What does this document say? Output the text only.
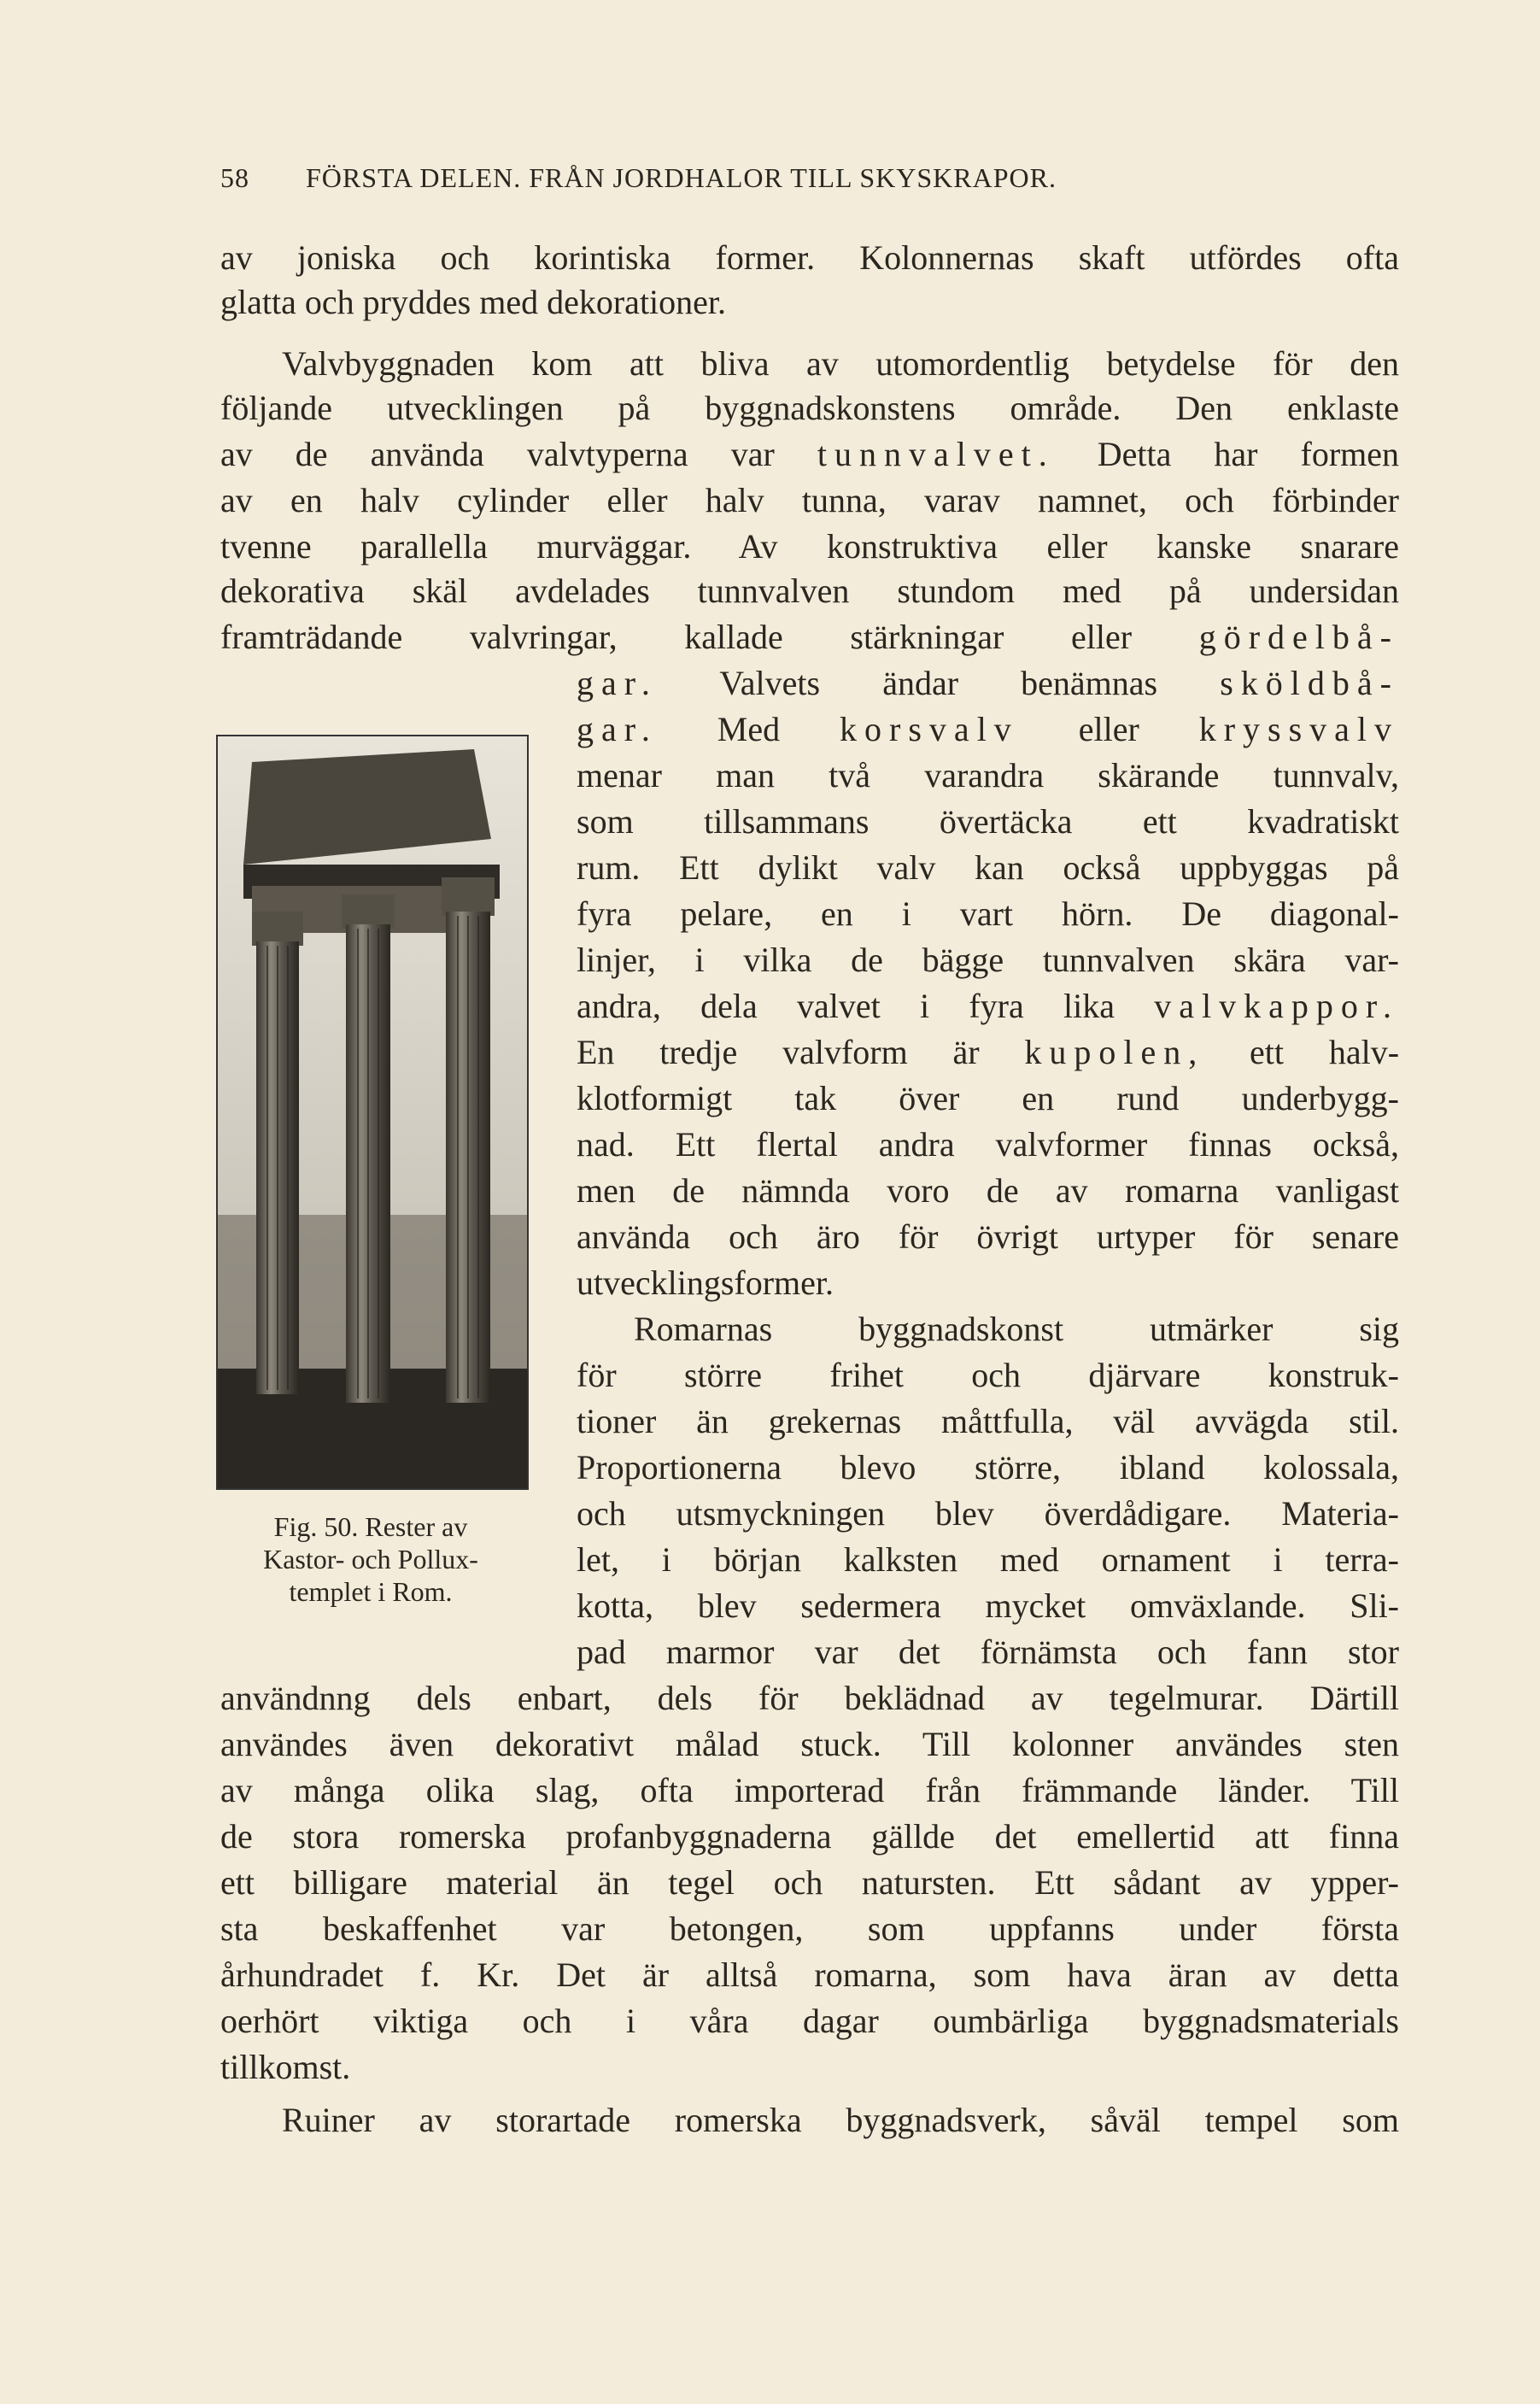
58 FÖRSTA DELEN. FRÅN JORDHALOR TILL SKYSKRAPOR.
av joniska och korintiska former. Kolonnernas skaft utfördes ofta
glatta och pryddes med dekorationer.
Valvbyggnaden kom att bliva av utomordentlig betydelse för den
följande utvecklingen på byggnadskonstens område. Den enklaste
av de använda valvtyperna var tunnvalvet. Detta har formen
av en halv cylinder eller halv tunna, varav namnet, och förbinder
tvenne parallella murväggar. Av konstruktiva eller kanske snarare
dekorativa skäl avdelades tunnvalven stundom med på undersidan
framträdande valvringar, kallade stärkningar eller gördelbå-
gar. Valvets ändar benämnas sköldbå-
gar. Med korsvalv eller kryssvalv
menar man två varandra skärande tunnvalv,
som tillsammans övertäcka ett kvadratiskt
rum. Ett dylikt valv kan också uppbyggas på
fyra pelare, en i vart hörn. De diagonal-
linjer, i vilka de bägge tunnvalven skära var-
andra, dela valvet i fyra lika valvkappor.
En tredje valvform är kupolen, ett halv-
klotformigt tak över en rund underbygg-
nad. Ett flertal andra valvformer finnas också,
men de nämnda voro de av romarna vanligast
använda och äro för övrigt urtyper för senare
utvecklingsformer.
Romarnas byggnadskonst utmärker sig
för större frihet och djärvare konstruk-
tioner än grekernas måttfulla, väl avvägda stil.
Proportionerna blevo större, ibland kolossala,
och utsmyckningen blev överdådigare. Materia-
let, i början kalksten med ornament i terra-
kotta, blev sedermera mycket omväxlande. Sli-
pad marmor var det förnämsta och fann stor
användnng dels enbart, dels för beklädnad av tegelmurar. Därtill
användes även dekorativt målad stuck. Till kolonner användes sten
av många olika slag, ofta importerad från främmande länder. Till
de stora romerska profanbyggnaderna gällde det emellertid att finna
ett billigare material än tegel och natursten. Ett sådant av ypper-
sta beskaffenhet var betongen, som uppfanns under första
århundradet f. Kr. Det är alltså romarna, som hava äran av detta
oerhört viktiga och i våra dagar oumbärliga byggnadsmaterials
tillkomst.
Ruiner av storartade romerska byggnadsverk, såväl tempel som
Fig. 50. Rester av
Kastor- och Pollux-
templet i Rom.
